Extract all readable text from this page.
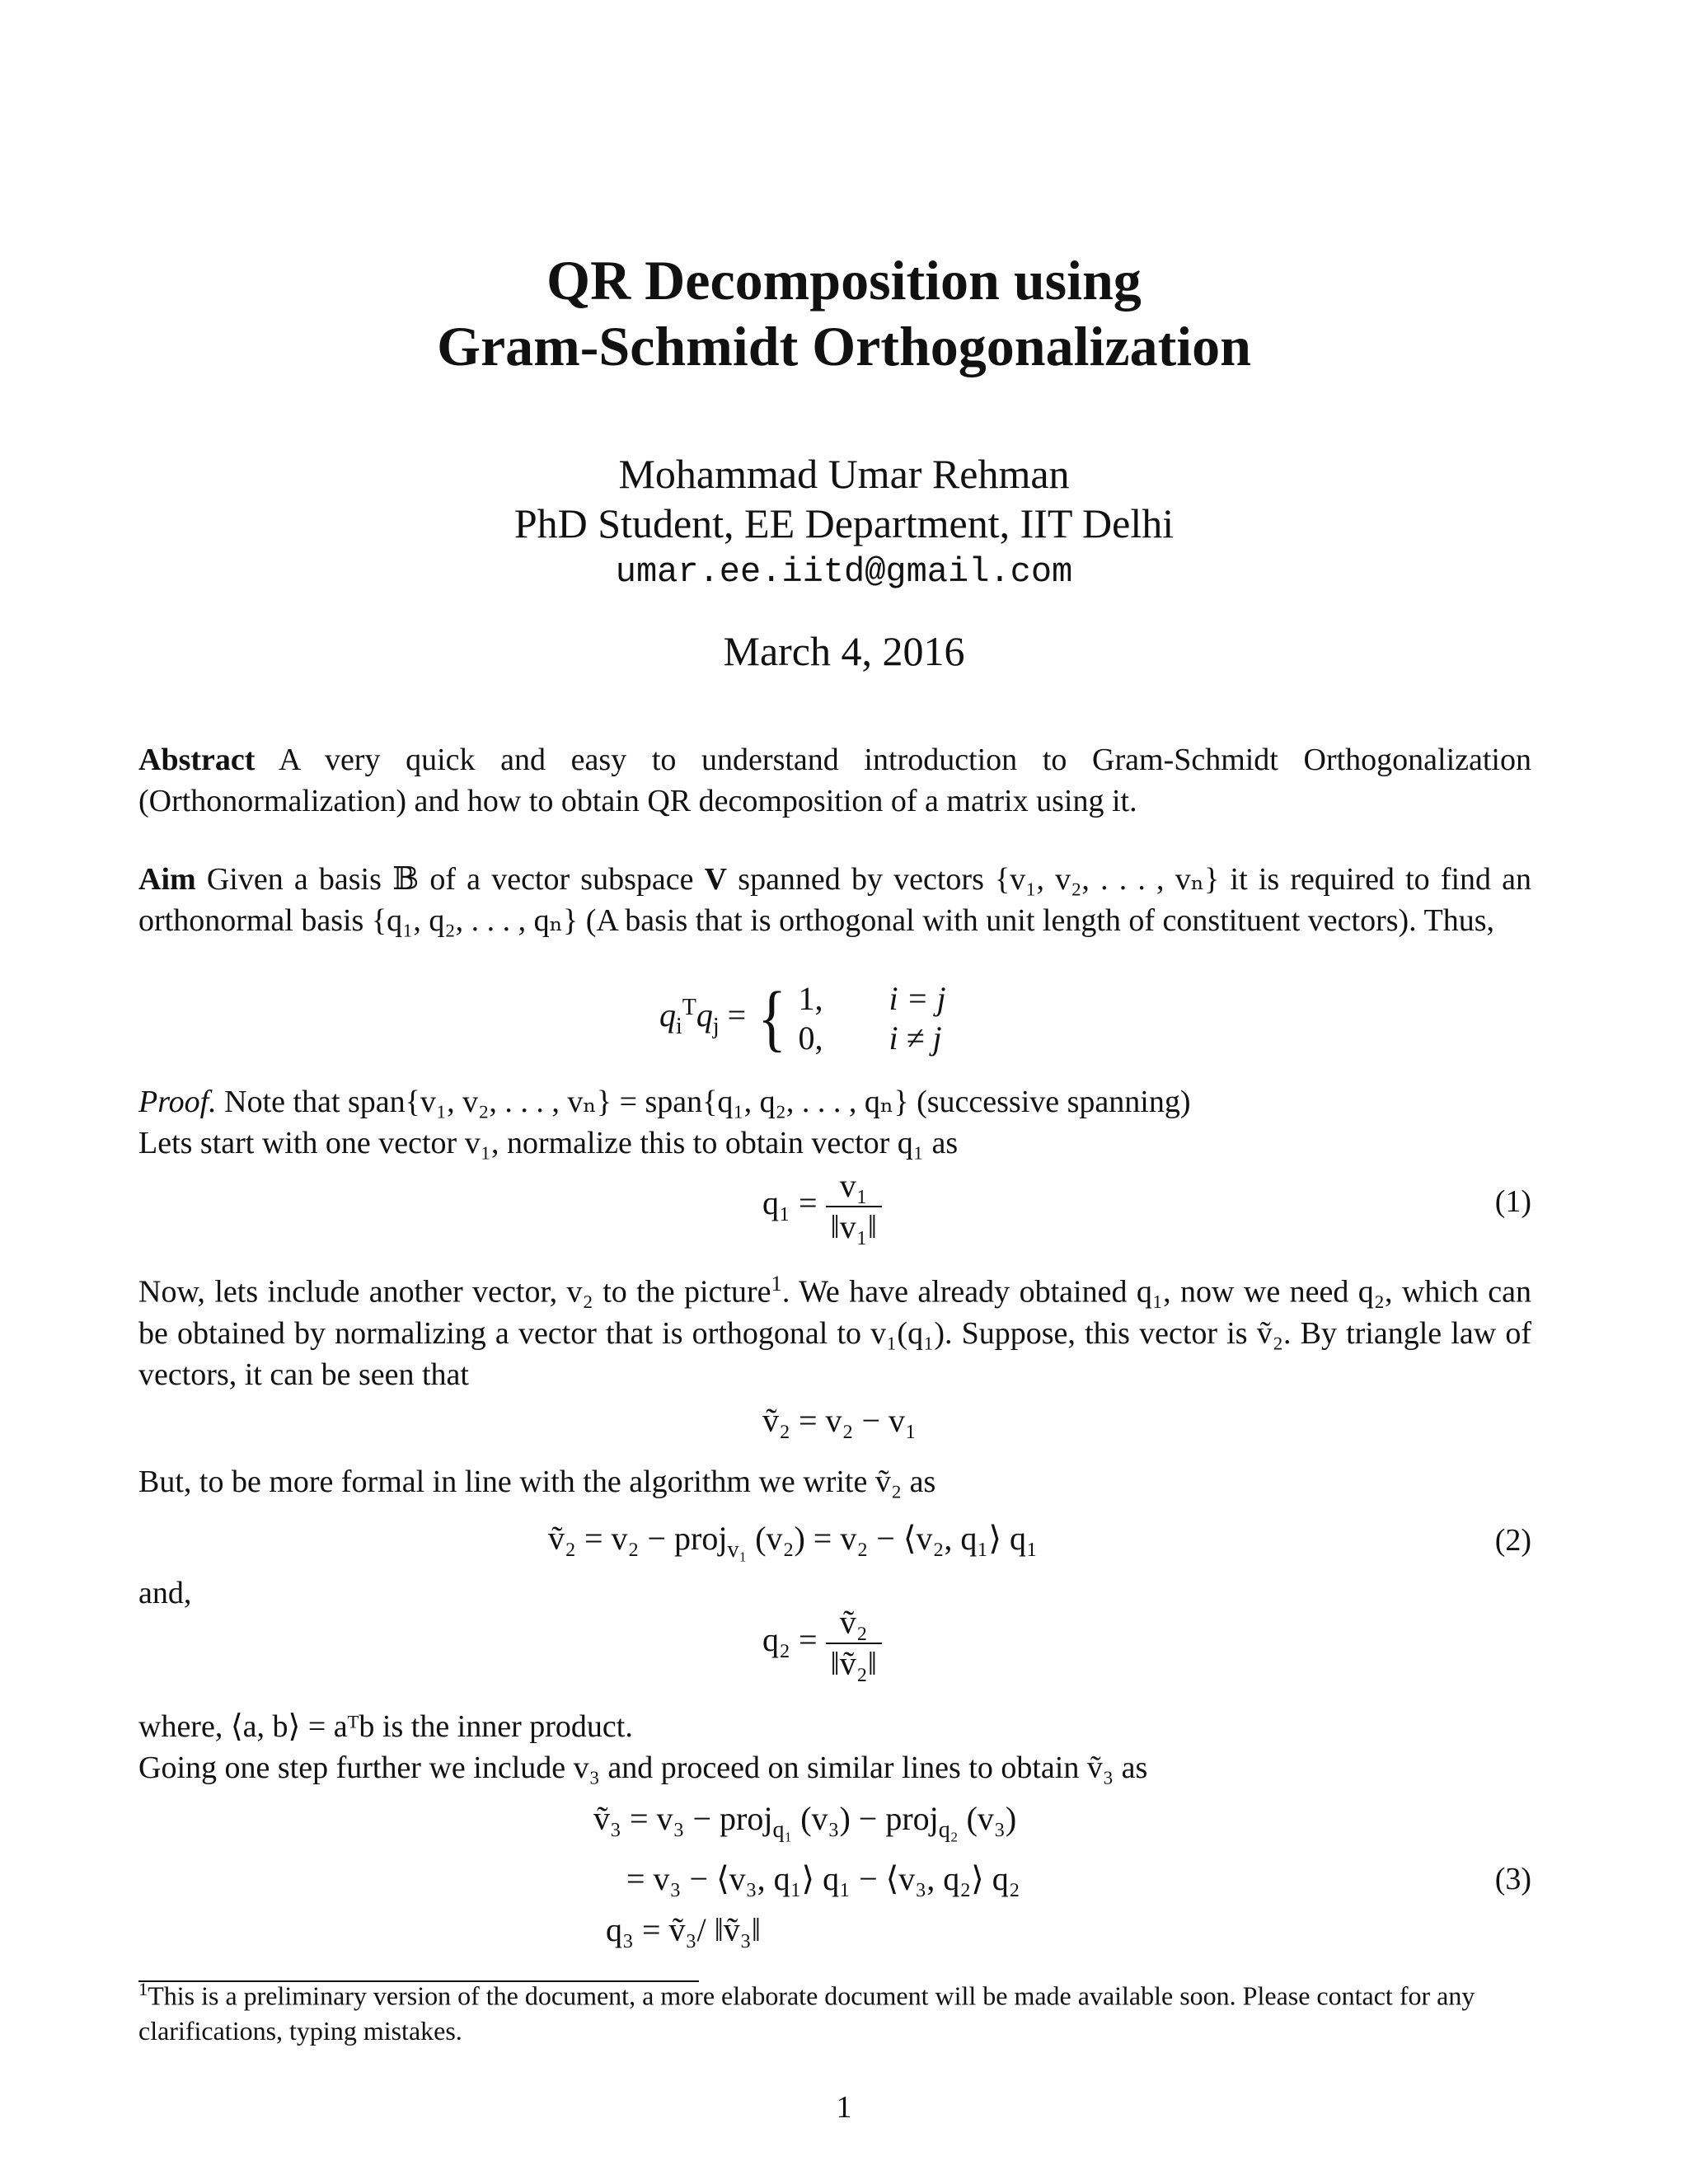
QR Decomposition using
Gram-Schmidt Orthogonalization
Mohammad Umar Rehman
PhD Student, EE Department, IIT Delhi
umar.ee.iitd@gmail.com
March 4, 2016
Abstract A very quick and easy to understand introduction to Gram-Schmidt Orthogonalization (Orthonormalization) and how to obtain QR decomposition of a matrix using it.
Aim Given a basis 𝔹 of a vector subspace V spanned by vectors {v₁, v₂, . . . , vₙ} it is required to find an orthonormal basis {q₁, q₂, . . . , qₙ} (A basis that is orthogonal with unit length of constituent vectors). Thus,
$q_i^Tq_j$ = { 1, i = j
0, i ≠ j
Proof. Note that span{v₁, v₂, . . . , vₙ} = span{q₁, q₂, . . . , qₙ} (successive spanning)
Lets start with one vector v₁, normalize this to obtain vector q₁ as
$q_1 = \frac{\text{v₁}}{\text{‖v₁‖}}$	(1)
Now, lets include another vector, v₂ to the picture$^1$. We have already obtained q₁, now we need q₂, which can be obtained by normalizing a vector that is orthogonal to v₁(q₁). Suppose, this vector is ṽ₂. By triangle law of vectors, it can be seen that
ṽ₂ = v₂ − v₁
But, to be more formal in line with the algorithm we write ṽ₂ as
ṽ₂ = v₂ − proj$_{v_1}$ (v₂) = v₂ − ⟨v₂, q₁⟩ q₁	(2)
and,
$q_2 = \frac{\text{ṽ₂}}{\text{‖ṽ₂‖}}$
where, ⟨a, b⟩ = aᵀb is the inner product.
Going one step further we include v₃ and proceed on similar lines to obtain ṽ₃ as
ṽ₃ = v₃ − proj$_{q_1}$ (v₃) − proj$_{q_2}$ (v₃)
= v₃ − ⟨v₃, q₁⟩ q₁ − ⟨v₃, q₂⟩ q₂	(3)
q₃ = ṽ₃/ ‖ṽ₃‖
$^1$This is a preliminary version of the document, a more elaborate document will be made available soon. Please contact for any clarifications, typing mistakes.
1
